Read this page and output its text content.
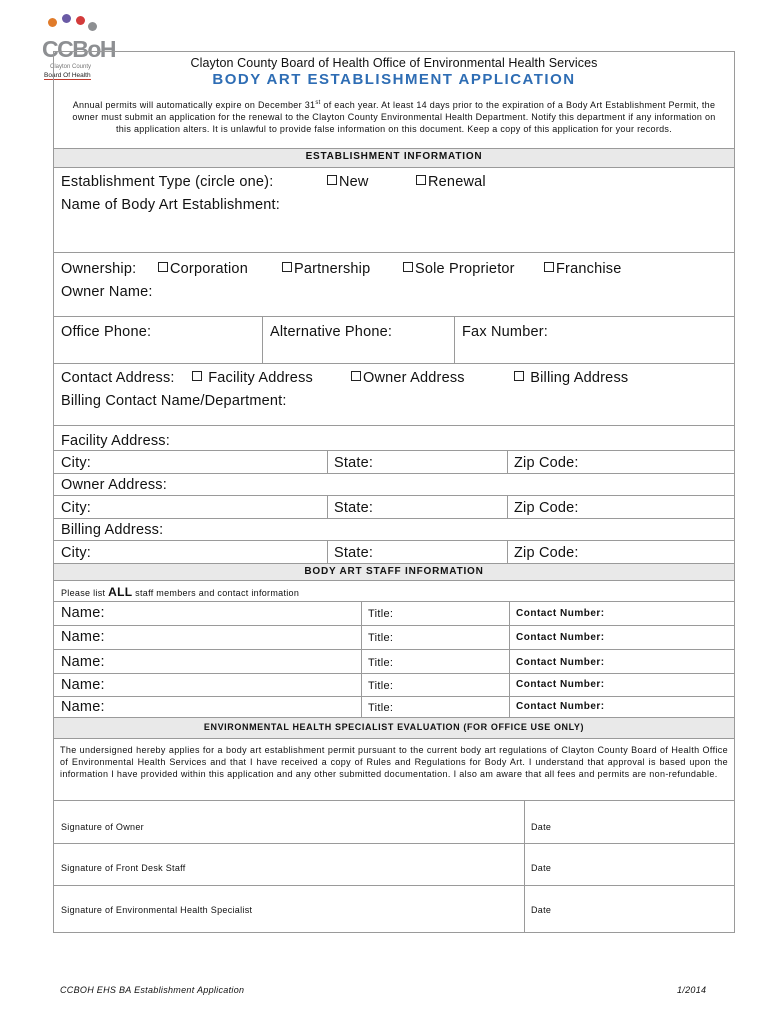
CCBoH
Clayton County
Board Of Health
Clayton County Board of Health Office of Environmental Health Services
BODY ART ESTABLISHMENT APPLICATION
Annual permits will automatically expire on December 31st of each year. At least 14 days prior to the expiration of a Body Art Establishment Permit, the owner must submit an application for the renewal to the Clayton County Environmental Health Department. Notify this department if any information on this application alters. It is unlawful to provide false information on this document. Keep a copy of this application for your records.
ESTABLISHMENT INFORMATION
Establishment Type (circle one):	New	Renewal
Name of Body Art Establishment:
Ownership:	Corporation	Partnership	Sole Proprietor	Franchise
Owner Name:
Office Phone:	Alternative Phone:	Fax Number:
Contact Address:	Facility Address	Owner Address	Billing Address
Billing Contact Name/Department:
Facility Address:
City:	State:	Zip Code:
Owner Address:
City:	State:	Zip Code:
Billing Address:
City:	State:	Zip Code:
BODY ART STAFF INFORMATION
Please list ALL staff members and contact information
Name:	Title:	Contact Number:
Name:	Title:	Contact Number:
Name:	Title:	Contact Number:
Name:	Title:	Contact Number:
Name:	Title:	Contact Number:
ENVIRONMENTAL HEALTH SPECIALIST EVALUATION (FOR OFFICE USE ONLY)
The undersigned hereby applies for a body art establishment permit pursuant to the current body art regulations of Clayton County Board of Health Office of Environmental Health Services and that I have received a copy of Rules and Regulations for Body Art. I understand that approval is based upon the information I have provided within this application and any other submitted documentation. I also am aware that all fees and permits are non-refundable.
Signature of Owner	Date
Signature of Front Desk Staff	Date
Signature of Environmental Health Specialist	Date
CCBOH EHS BA Establishment Application	1/2014
